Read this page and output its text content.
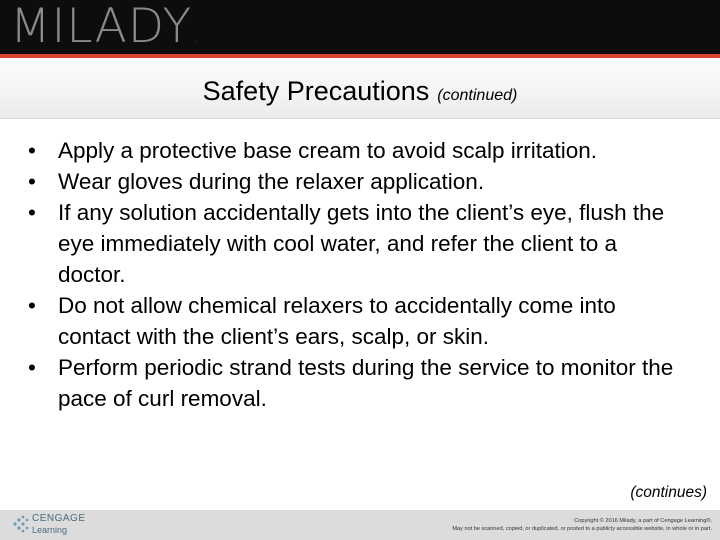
MILADY.
Safety Precautions (continued)
• Apply a protective base cream to avoid scalp irritation.
• Wear gloves during the relaxer application.
• If any solution accidentally gets into the client’s eye, flush the eye immediately with cool water, and refer the client to a doctor.
• Do not allow chemical relaxers to accidentally come into contact with the client’s ears, scalp, or skin.
• Perform periodic strand tests during the service to monitor the pace of curl removal.
(continues)
CENGAGE
Learning
Copyright © 2016 Milady, a part of Cengage Learning®.
May not be scanned, copied, or duplicated, or posted to a publicly accessible website, in whole or in part.
